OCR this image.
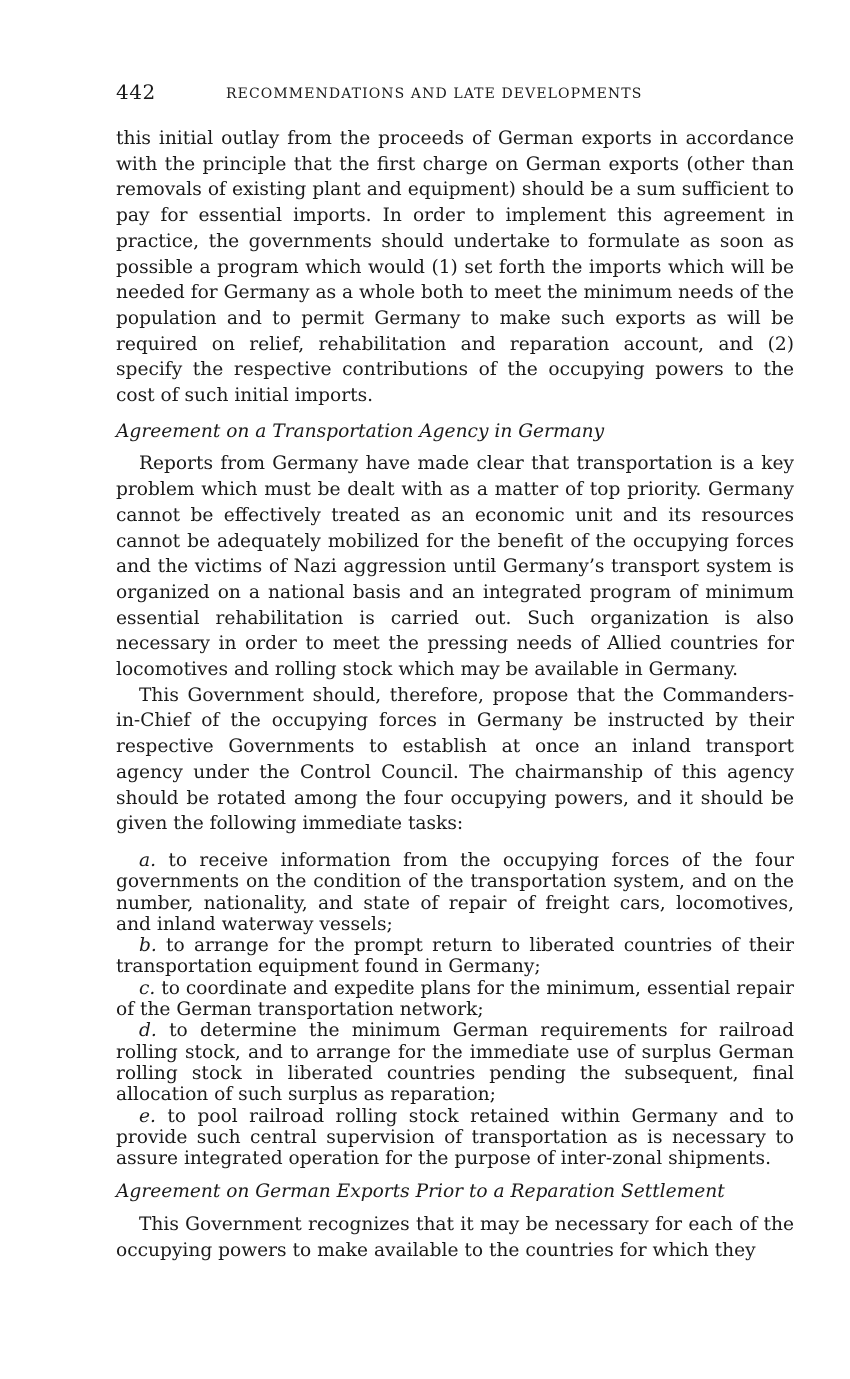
442	RECOMMENDATIONS AND LATE DEVELOPMENTS

this initial outlay from the proceeds of German exports in accordance with the principle that the first charge on German exports (other than removals of existing plant and equipment) should be a sum sufficient to pay for essential imports. In order to implement this agreement in practice, the governments should undertake to formulate as soon as possible a program which would (1) set forth the imports which will be needed for Germany as a whole both to meet the minimum needs of the population and to permit Germany to make such exports as will be required on relief, rehabilitation and reparation account, and (2) specify the respective contributions of the occupying powers to the cost of such initial imports.

Agreement on a Transportation Agency in Germany

Reports from Germany have made clear that transportation is a key problem which must be dealt with as a matter of top priority. Germany cannot be effectively treated as an economic unit and its resources cannot be adequately mobilized for the benefit of the occupying forces and the victims of Nazi aggression until Germany’s transport system is organized on a national basis and an integrated program of minimum essential rehabilitation is carried out. Such organization is also necessary in order to meet the pressing needs of Allied countries for locomotives and rolling stock which may be available in Germany.

This Government should, therefore, propose that the Commanders-in-Chief of the occupying forces in Germany be instructed by their respective Governments to establish at once an inland transport agency under the Control Council. The chairmanship of this agency should be rotated among the four occupying powers, and it should be given the following immediate tasks:

a. to receive information from the occupying forces of the four governments on the condition of the transportation system, and on the number, nationality, and state of repair of freight cars, locomotives, and inland waterway vessels;
b. to arrange for the prompt return to liberated countries of their transportation equipment found in Germany;
c. to coordinate and expedite plans for the minimum, essential repair of the German transportation network;
d. to determine the minimum German requirements for railroad rolling stock, and to arrange for the immediate use of surplus German rolling stock in liberated countries pending the subsequent, final allocation of such surplus as reparation;
e. to pool railroad rolling stock retained within Germany and to provide such central supervision of transportation as is necessary to assure integrated operation for the purpose of inter-zonal shipments.
Agreement on German Exports Prior to a Reparation Settlement

This Government recognizes that it may be necessary for each of the occupying powers to make available to the countries for which they
